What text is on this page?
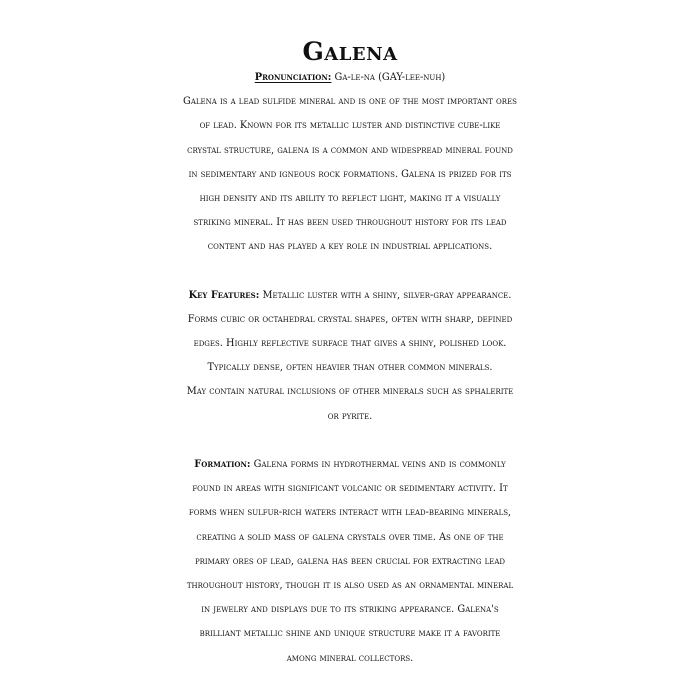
Galena
Pronunciation: Ga-le-na (GAY-lee-nuh)
Galena is a lead sulfide mineral and is one of the most important ores
of lead. Known for its metallic luster and distinctive cube-like
crystal structure, galena is a common and widespread mineral found
in sedimentary and igneous rock formations. Galena is prized for its
high density and its ability to reflect light, making it a visually
striking mineral. It has been used throughout history for its lead
content and has played a key role in industrial applications.
Key Features: Metallic luster with a shiny, silver-gray appearance.
Forms cubic or octahedral crystal shapes, often with sharp, defined
edges. Highly reflective surface that gives a shiny, polished look.
Typically dense, often heavier than other common minerals.
May contain natural inclusions of other minerals such as sphalerite
or pyrite.
Formation: Galena forms in hydrothermal veins and is commonly
found in areas with significant volcanic or sedimentary activity. It
forms when sulfur-rich waters interact with lead-bearing minerals,
creating a solid mass of galena crystals over time. As one of the
primary ores of lead, galena has been crucial for extracting lead
throughout history, though it is also used as an ornamental mineral
in jewelry and displays due to its striking appearance. Galena's
brilliant metallic shine and unique structure make it a favorite
among mineral collectors.
